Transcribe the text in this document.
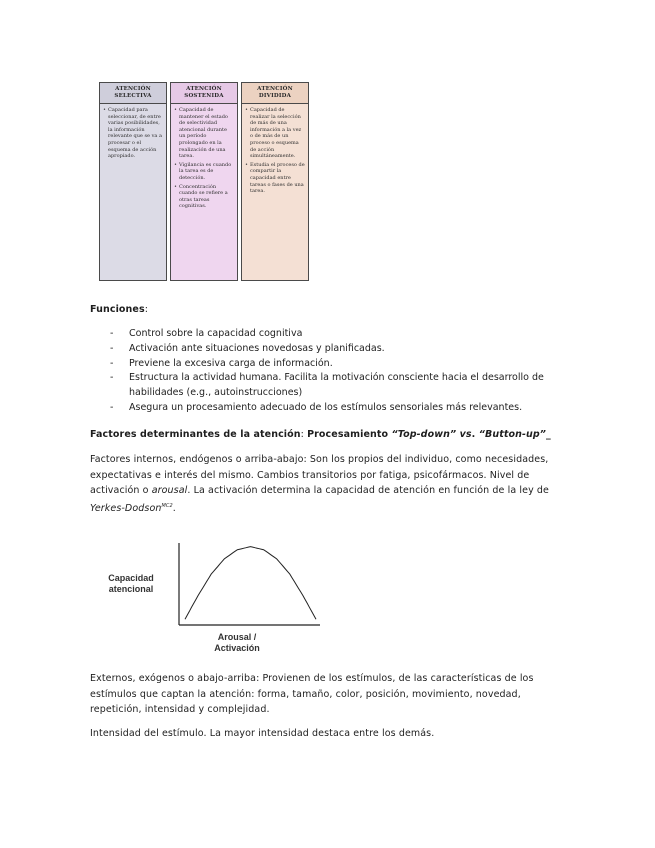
ATENCIÓN
SELECTIVA
• Capacidad para seleccionar, de entre varias posibilidades, la información relevante que se va a procesar o el esquema de acción apropiado.
ATENCIÓN
SOSTENIDA
• Capacidad de mantener el estado de selectividad atencional durante un período prolongado en la realización de una tarea.
• Vigilancia es cuando la tarea es de detección.
• Concentración cuando se refiere a otras tareas cognitivas.
ATENCIÓN
DIVIDIDA
• Capacidad de realizar la selección de más de una información a la vez o de más de un proceso o esquema de acción simultáneamente.
• Estudia el proceso de compartir la capacidad entre tareas o fases de una tarea.
Funciones:
- Control sobre la capacidad cognitiva
- Activación ante situaciones novedosas y planificadas.
- Previene la excesiva carga de información.
- Estructura la actividad humana. Facilita la motivación consciente hacia el desarrollo de habilidades (e.g., autoinstrucciones)
- Asegura un procesamiento adecuado de los estímulos sensoriales más relevantes.
Factores determinantes de la atención: Procesamiento “Top-down” vs. “Button-up”_

Factores internos, endógenos o arriba-abajo: Son los propios del individuo, como necesidades, expectativas e interés del mismo. Cambios transitorios por fatiga, psicofármacos. Nivel de activación o arousal. La activación determina la capacidad de atención en función de la ley de Yerkes-Dodson$^{MC2}$.

Capacidad
atencional
Arousal /
Activación

Externos, exógenos o abajo-arriba: Provienen de los estímulos, de las características de los estímulos que captan la atención: forma, tamaño, color, posición, movimiento, novedad, repetición, intensidad y complejidad.

Intensidad del estímulo. La mayor intensidad destaca entre los demás.
